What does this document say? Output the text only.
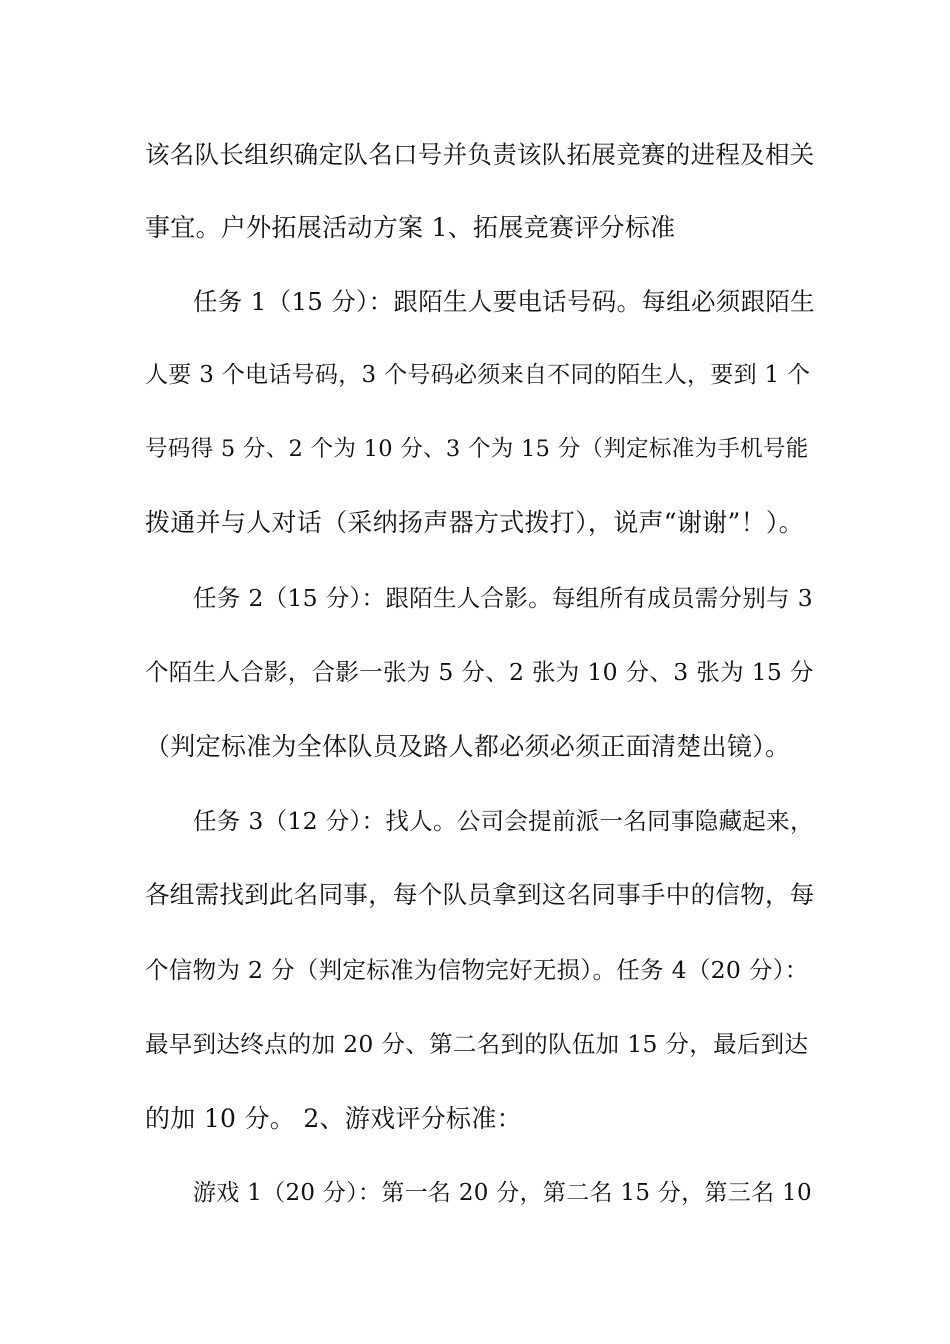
该名队长组织确定队名口号并负责该队拓展竞赛的进程及相关
事宜。户外拓展活动方案 1、拓展竞赛评分标准
任务 1（15 分）：跟陌生人要电话号码。每组必须跟陌生
人要 3 个电话号码，3 个号码必须来自不同的陌生人，要到 1 个
号码得 5 分、2 个为 10 分、3 个为 15 分（判定标准为手机号能
拨通并与人对话（采纳扬声器方式拨打），说声“谢谢”！）。
任务 2（15 分）：跟陌生人合影。每组所有成员需分别与 3
个陌生人合影，合影一张为 5 分、2 张为 10 分、3 张为 15 分
（判定标准为全体队员及路人都必须必须正面清楚出镜）。
任务 3（12 分）：找人。公司会提前派一名同事隐藏起来，
各组需找到此名同事，每个队员拿到这名同事手中的信物，每
个信物为 2 分（判定标准为信物完好无损）。任务 4（20 分）：
最早到达终点的加 20 分、第二名到的队伍加 15 分，最后到达
的加 10 分。 2、游戏评分标准：
游戏 1（20 分）：第一名 20 分，第二名 15 分，第三名 10
